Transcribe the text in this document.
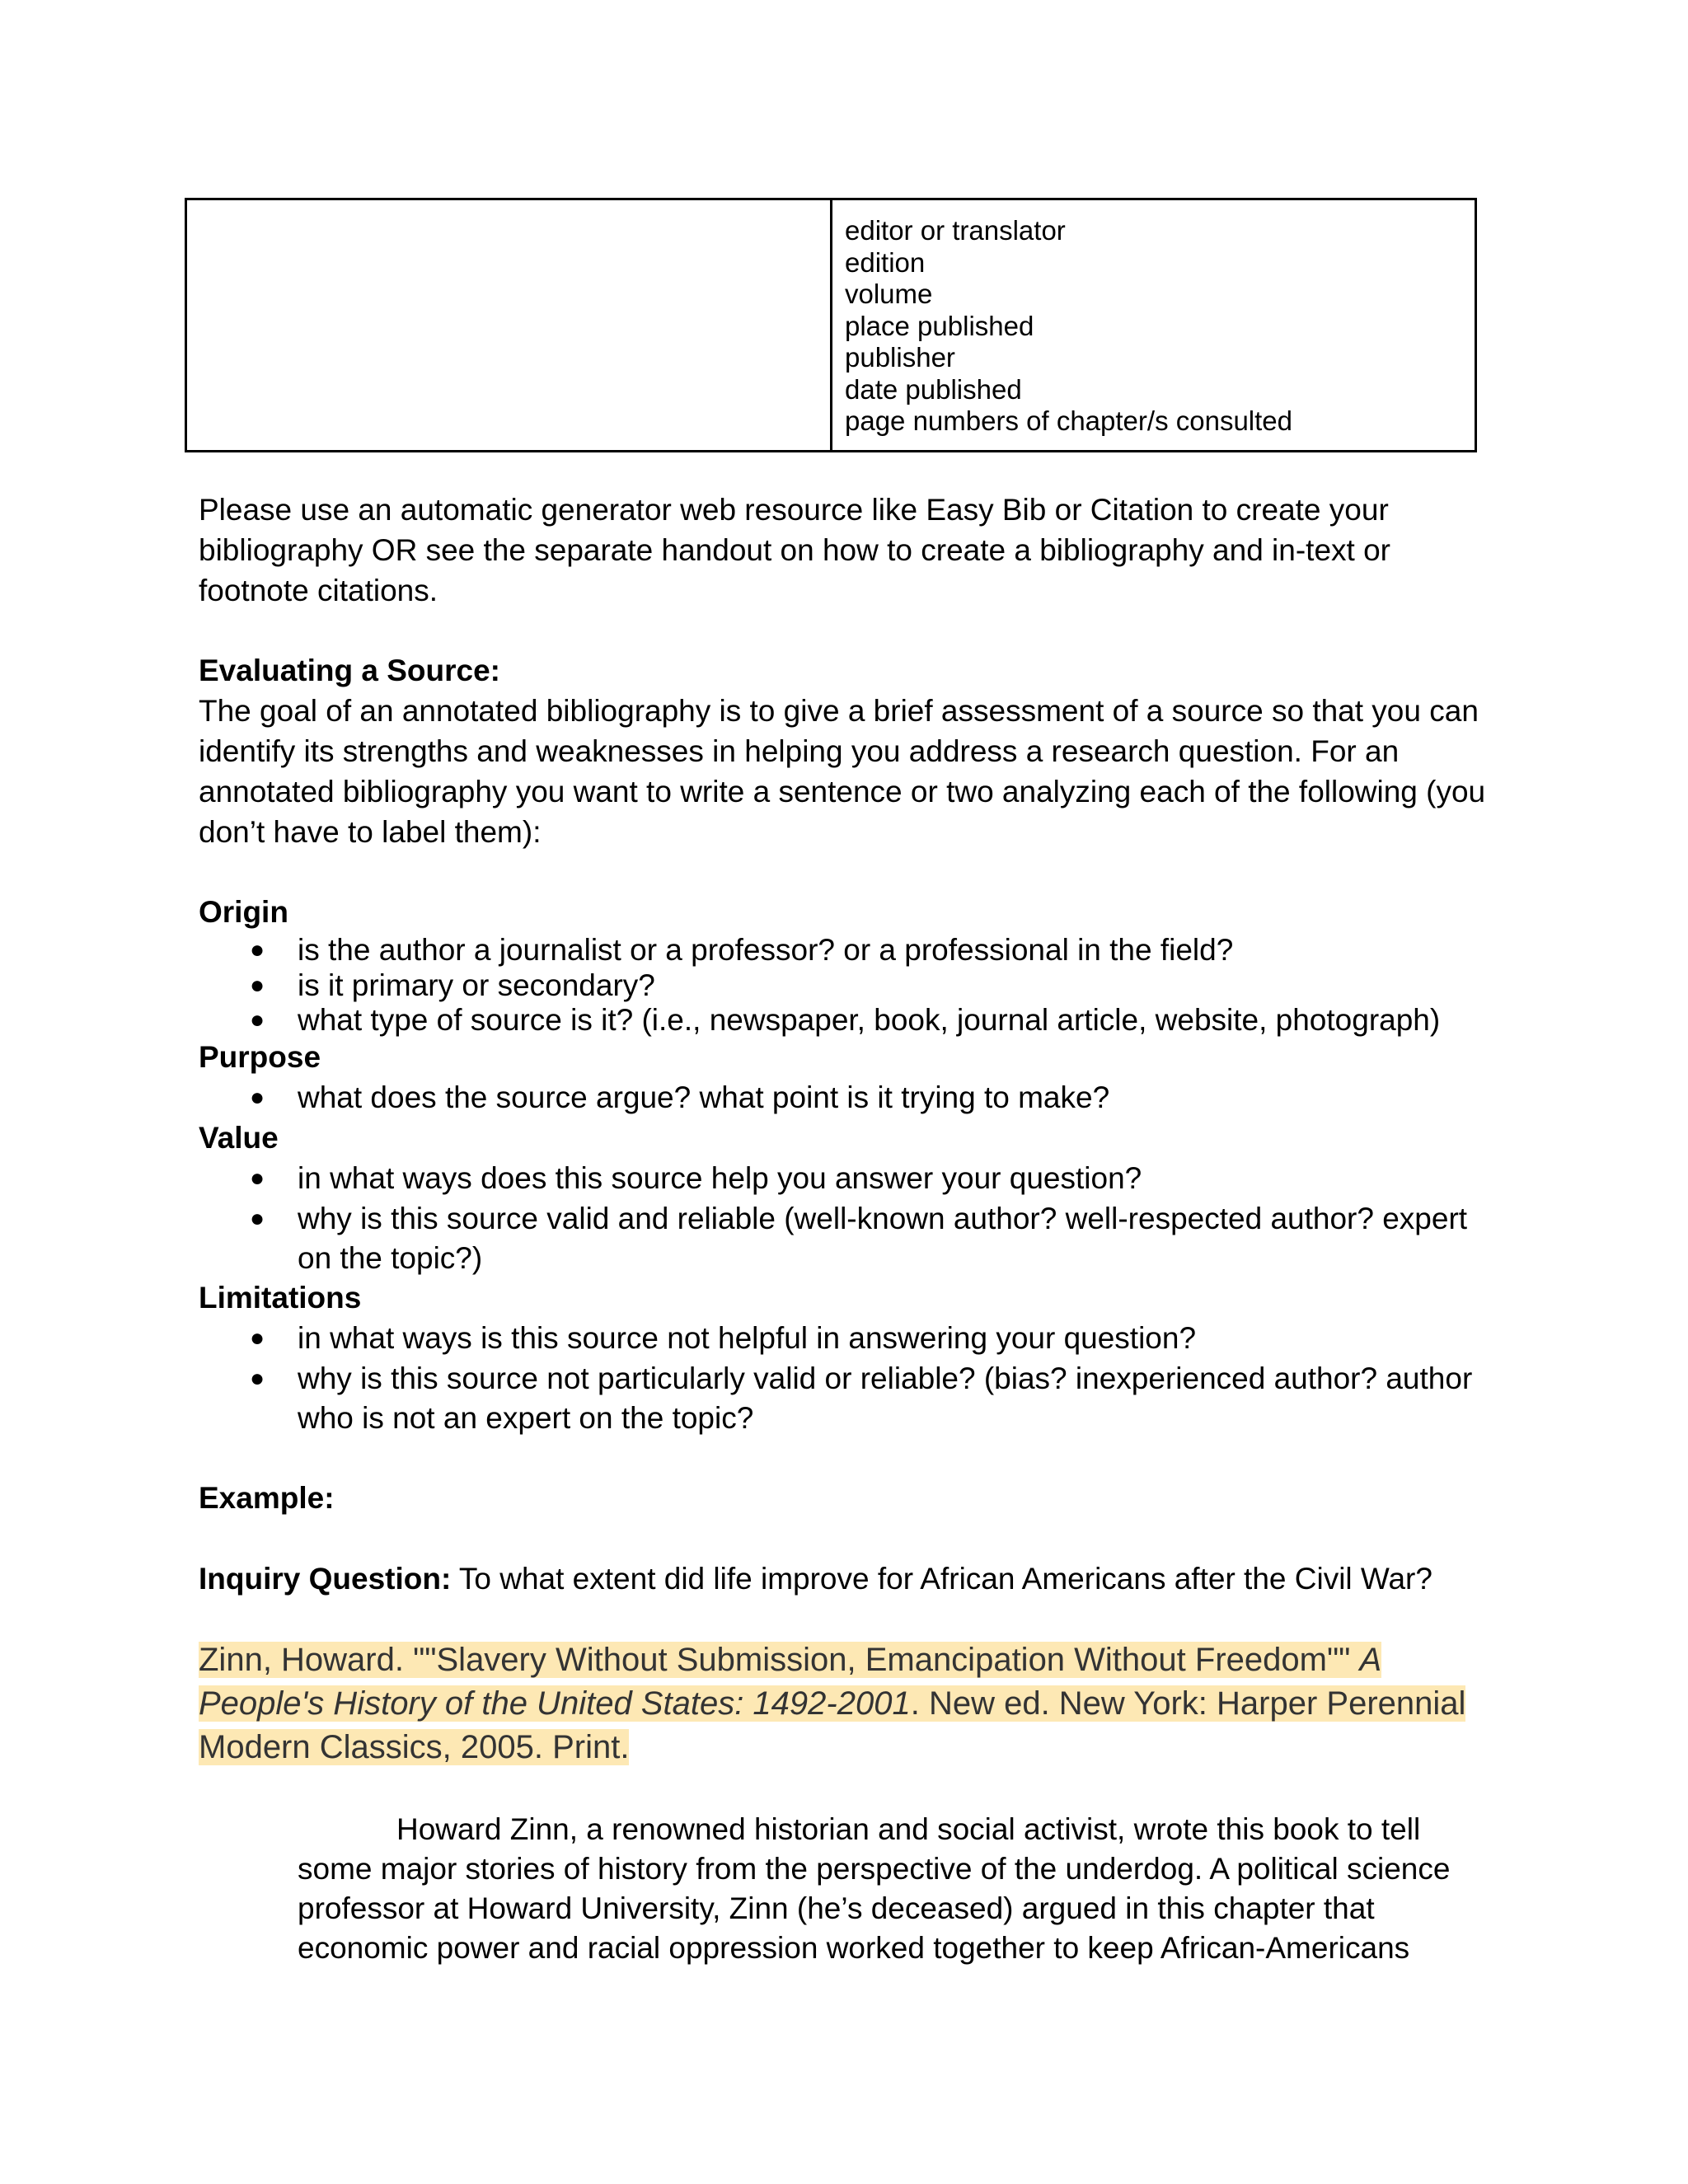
editor or translator
edition
volume
place published
publisher
date published
page numbers of chapter/s consulted
Please use an automatic generator web resource like Easy Bib or Citation to create your
bibliography OR see the separate handout on how to create a bibliography and in-text or
footnote citations.
Evaluating a Source:
The goal of an annotated bibliography is to give a brief assessment of a source so that you can
identify its strengths and weaknesses in helping you address a research question. For an
annotated bibliography you want to write a sentence or two analyzing each of the following (you
don’t have to label them):
Origin
● is the author a journalist or a professor? or a professional in the field?
● is it primary or secondary?
● what type of source is it? (i.e., newspaper, book, journal article, website, photograph)
Purpose
● what does the source argue? what point is it trying to make?
Value
● in what ways does this source help you answer your question?
● why is this source valid and reliable (well-known author? well-respected author? expert
on the topic?)
Limitations
● in what ways is this source not helpful in answering your question?
● why is this source not particularly valid or reliable? (bias? inexperienced author? author
who is not an expert on the topic?
Example:
Inquiry Question: To what extent did life improve for African Americans after the Civil War?
Zinn, Howard. ""Slavery Without Submission, Emancipation Without Freedom"" A
People's History of the United States: 1492-2001. New ed. New York: Harper Perennial
Modern Classics, 2005. Print.
Howard Zinn, a renowned historian and social activist, wrote this book to tell
some major stories of history from the perspective of the underdog. A political science
professor at Howard University, Zinn (he’s deceased) argued in this chapter that
economic power and racial oppression worked together to keep African-Americans
